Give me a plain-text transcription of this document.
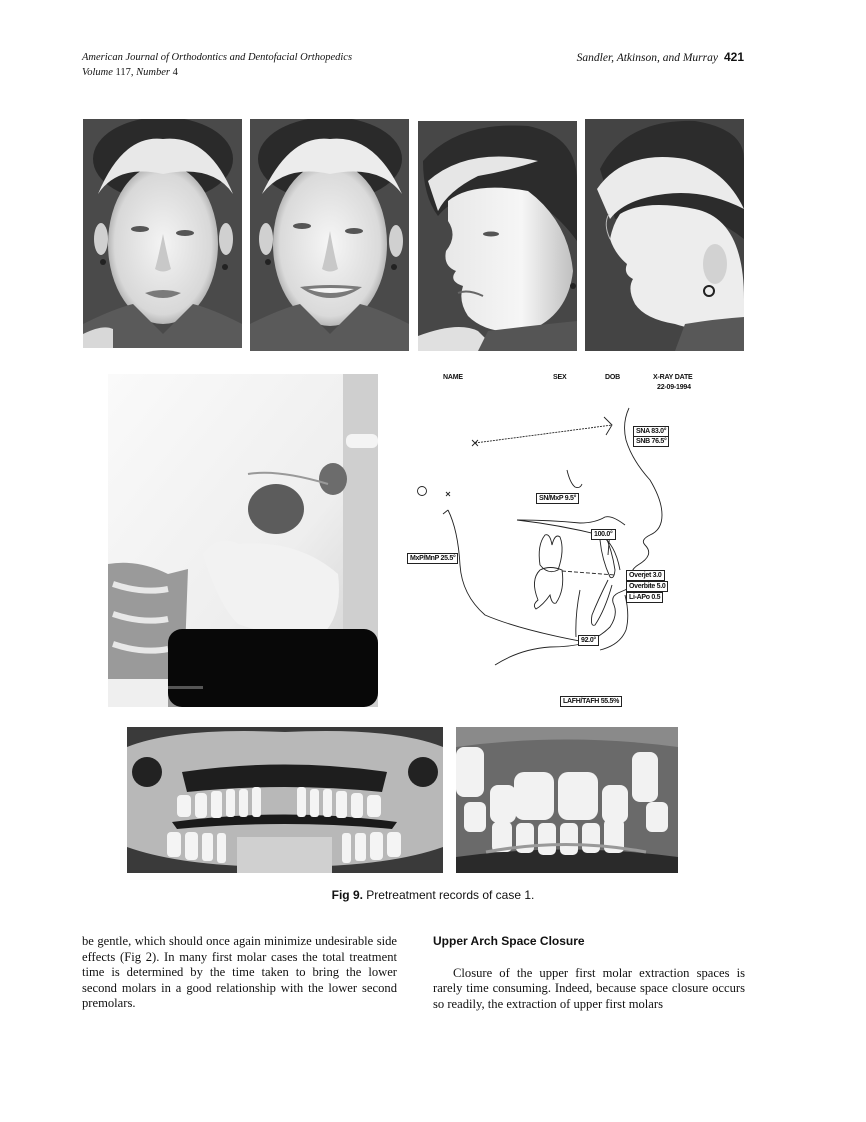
American Journal of Orthodontics and Dentofacial Orthopedics
Volume 117, Number 4
Sandler, Atkinson, and Murray 421
NAME	SEX	DOB	X-RAY DATE
22-09-1994
SNA 83.0°
SNB 76.5°
SN/MxP 9.5°
MxP/MnP 25.5°
100.0°
Overjet 3.0
Overbite 5.0
Li-APo 0.5
92.0°
LAFH/TAFH 55.5%
Fig 9. Pretreatment records of case 1.

be gentle, which should once again minimize undesirable side effects (Fig 2). In many first molar cases the total treatment time is determined by the time taken to bring the lower second molars in a good relationship with the lower second premolars.

Upper Arch Space Closure

Closure of the upper first molar extraction spaces is rarely time consuming. Indeed, because space closure occurs so readily, the extraction of upper first molars
